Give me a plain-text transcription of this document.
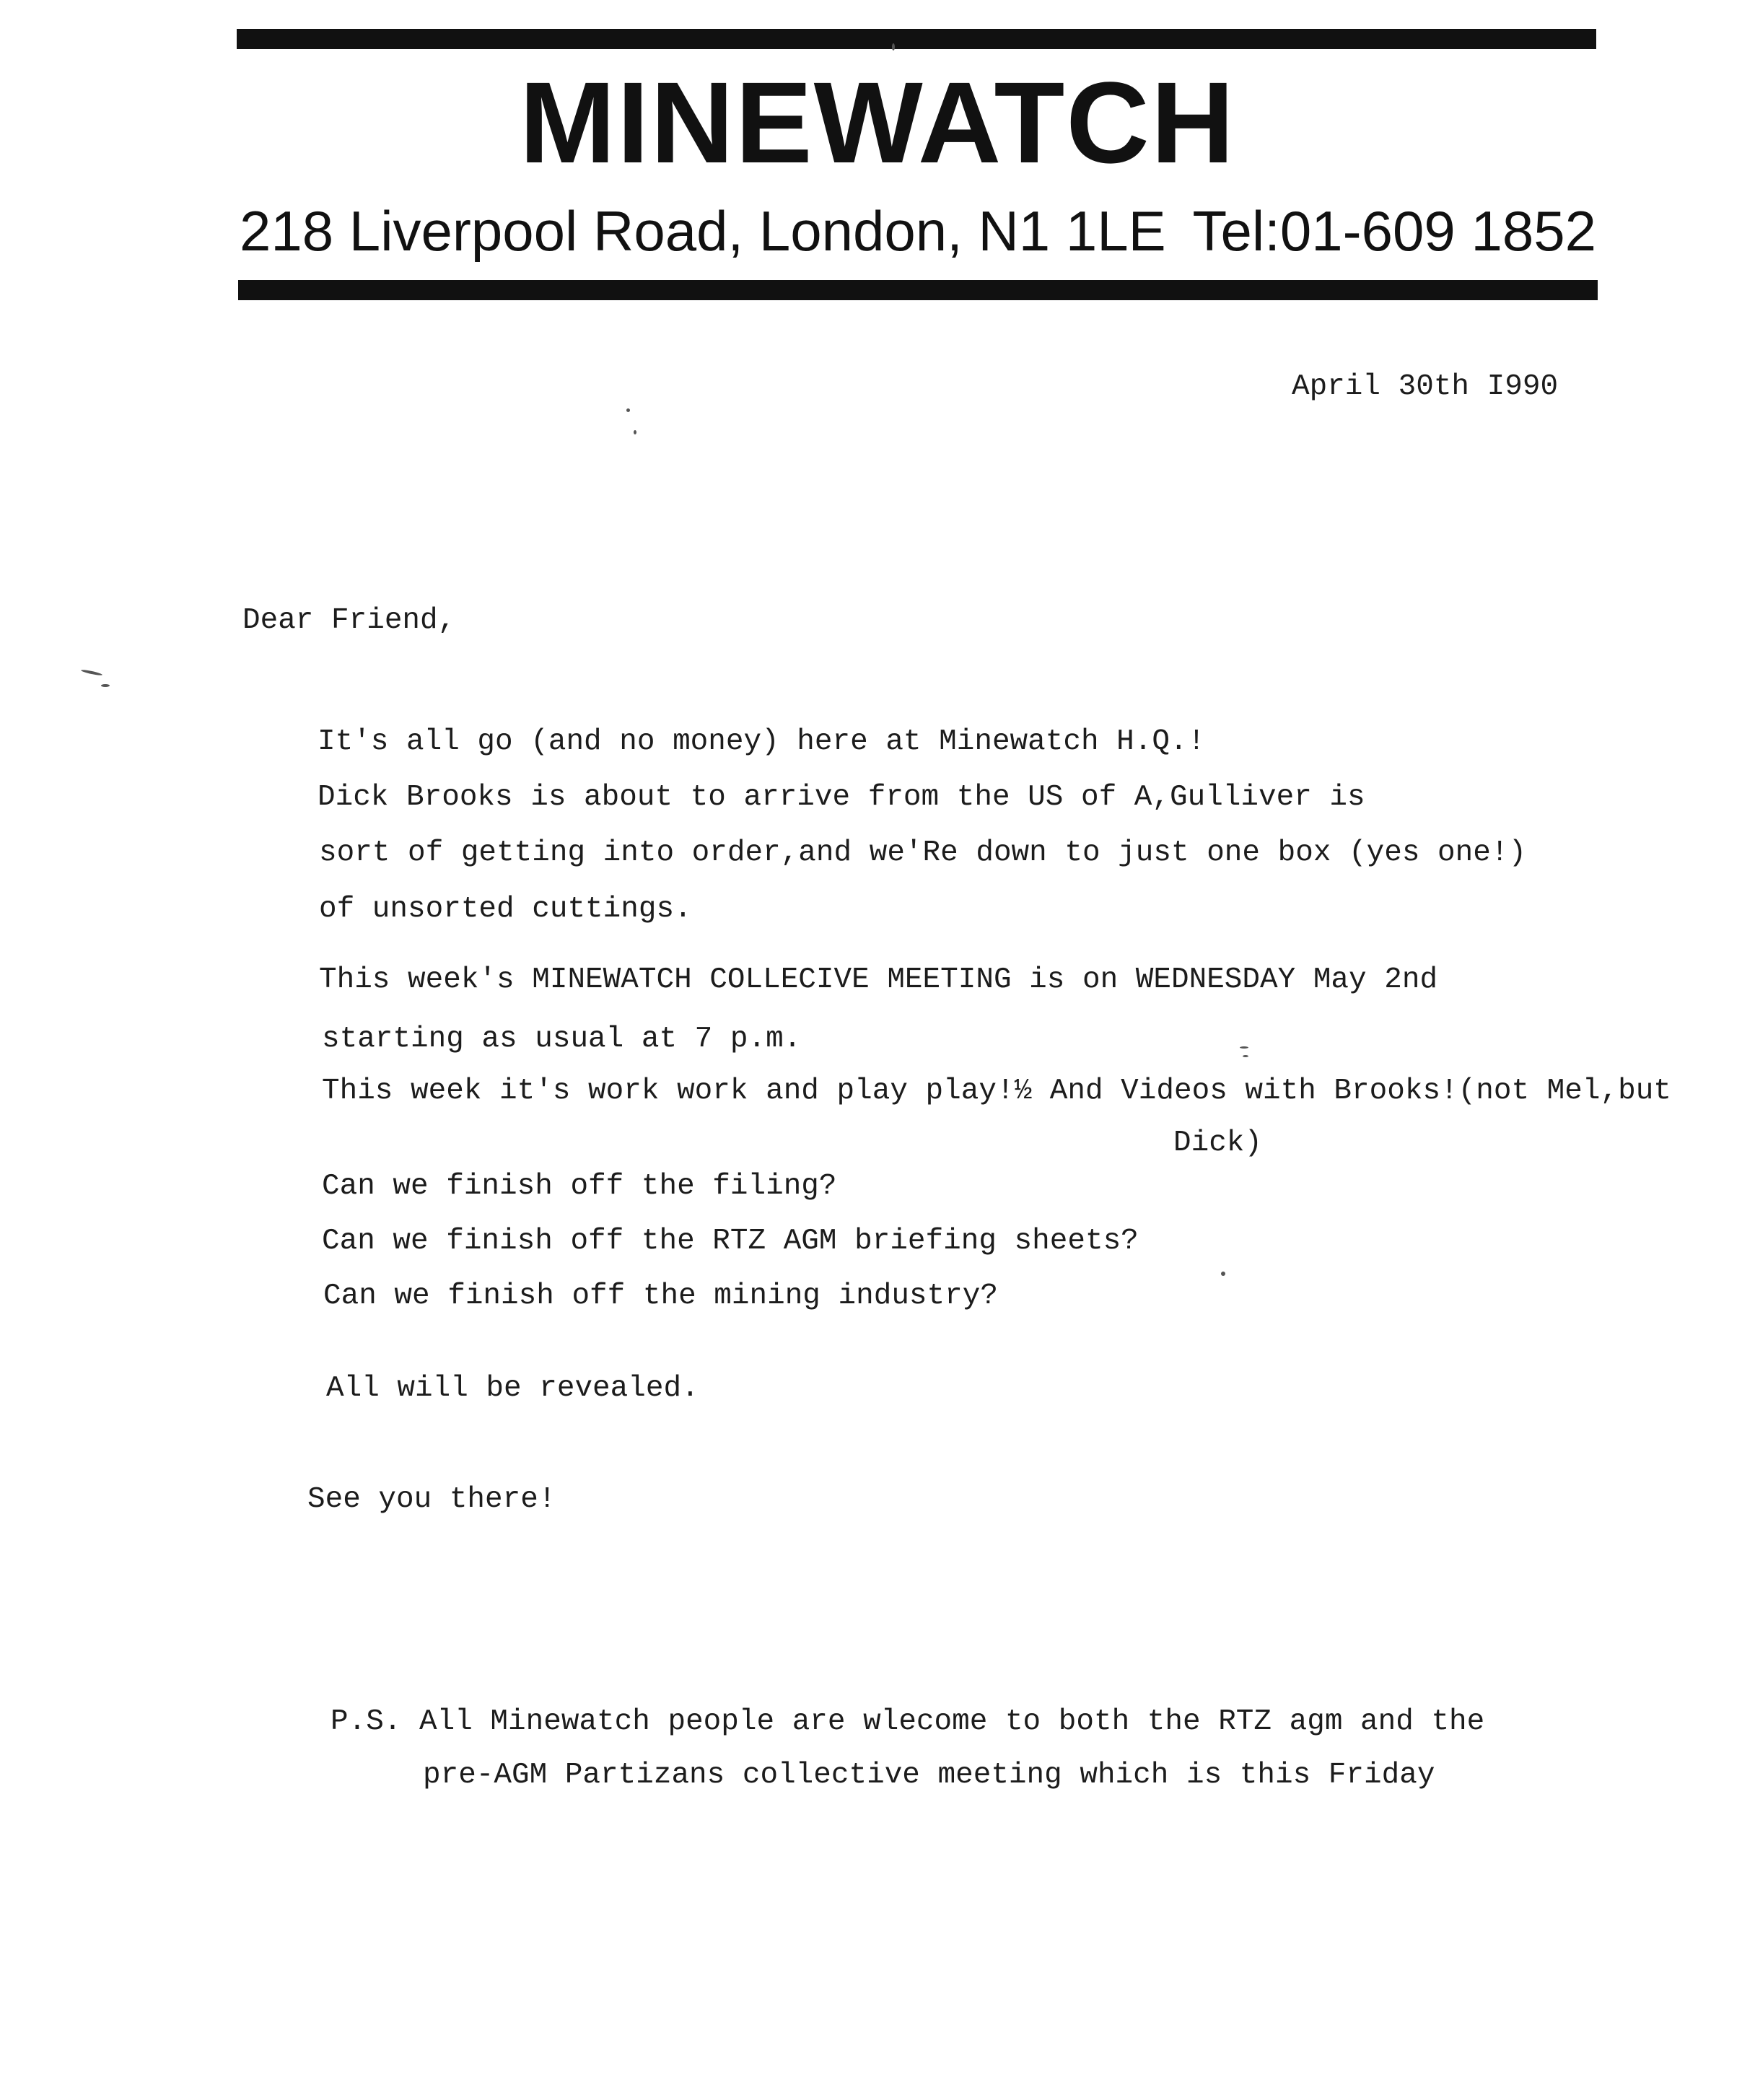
MINEWATCH
218 Liverpool Road, London, N1 1LE Tel:01-609 1852
April 30th I990
Dear Friend,
It's all go (and no money) here at Minewatch H.Q.!
Dick Brooks is about to arrive from the US of A,Gulliver is
sort of getting into order,and we'Re down to just one box (yes one!)
of unsorted cuttings.
This week's MINEWATCH COLLECIVE MEETING is on WEDNESDAY May 2nd
starting as usual at 7 p.m.
This week it's work work and play play!½ And Videos with Brooks!(not Mel,but
Dick)
Can we finish off the filing?
Can we finish off the RTZ AGM briefing sheets?
Can we finish off the mining industry?
All will be revealed.
See you there!
P.S. All Minewatch people are wlecome to both the RTZ agm and the
pre-AGM Partizans collective meeting which is this Friday
